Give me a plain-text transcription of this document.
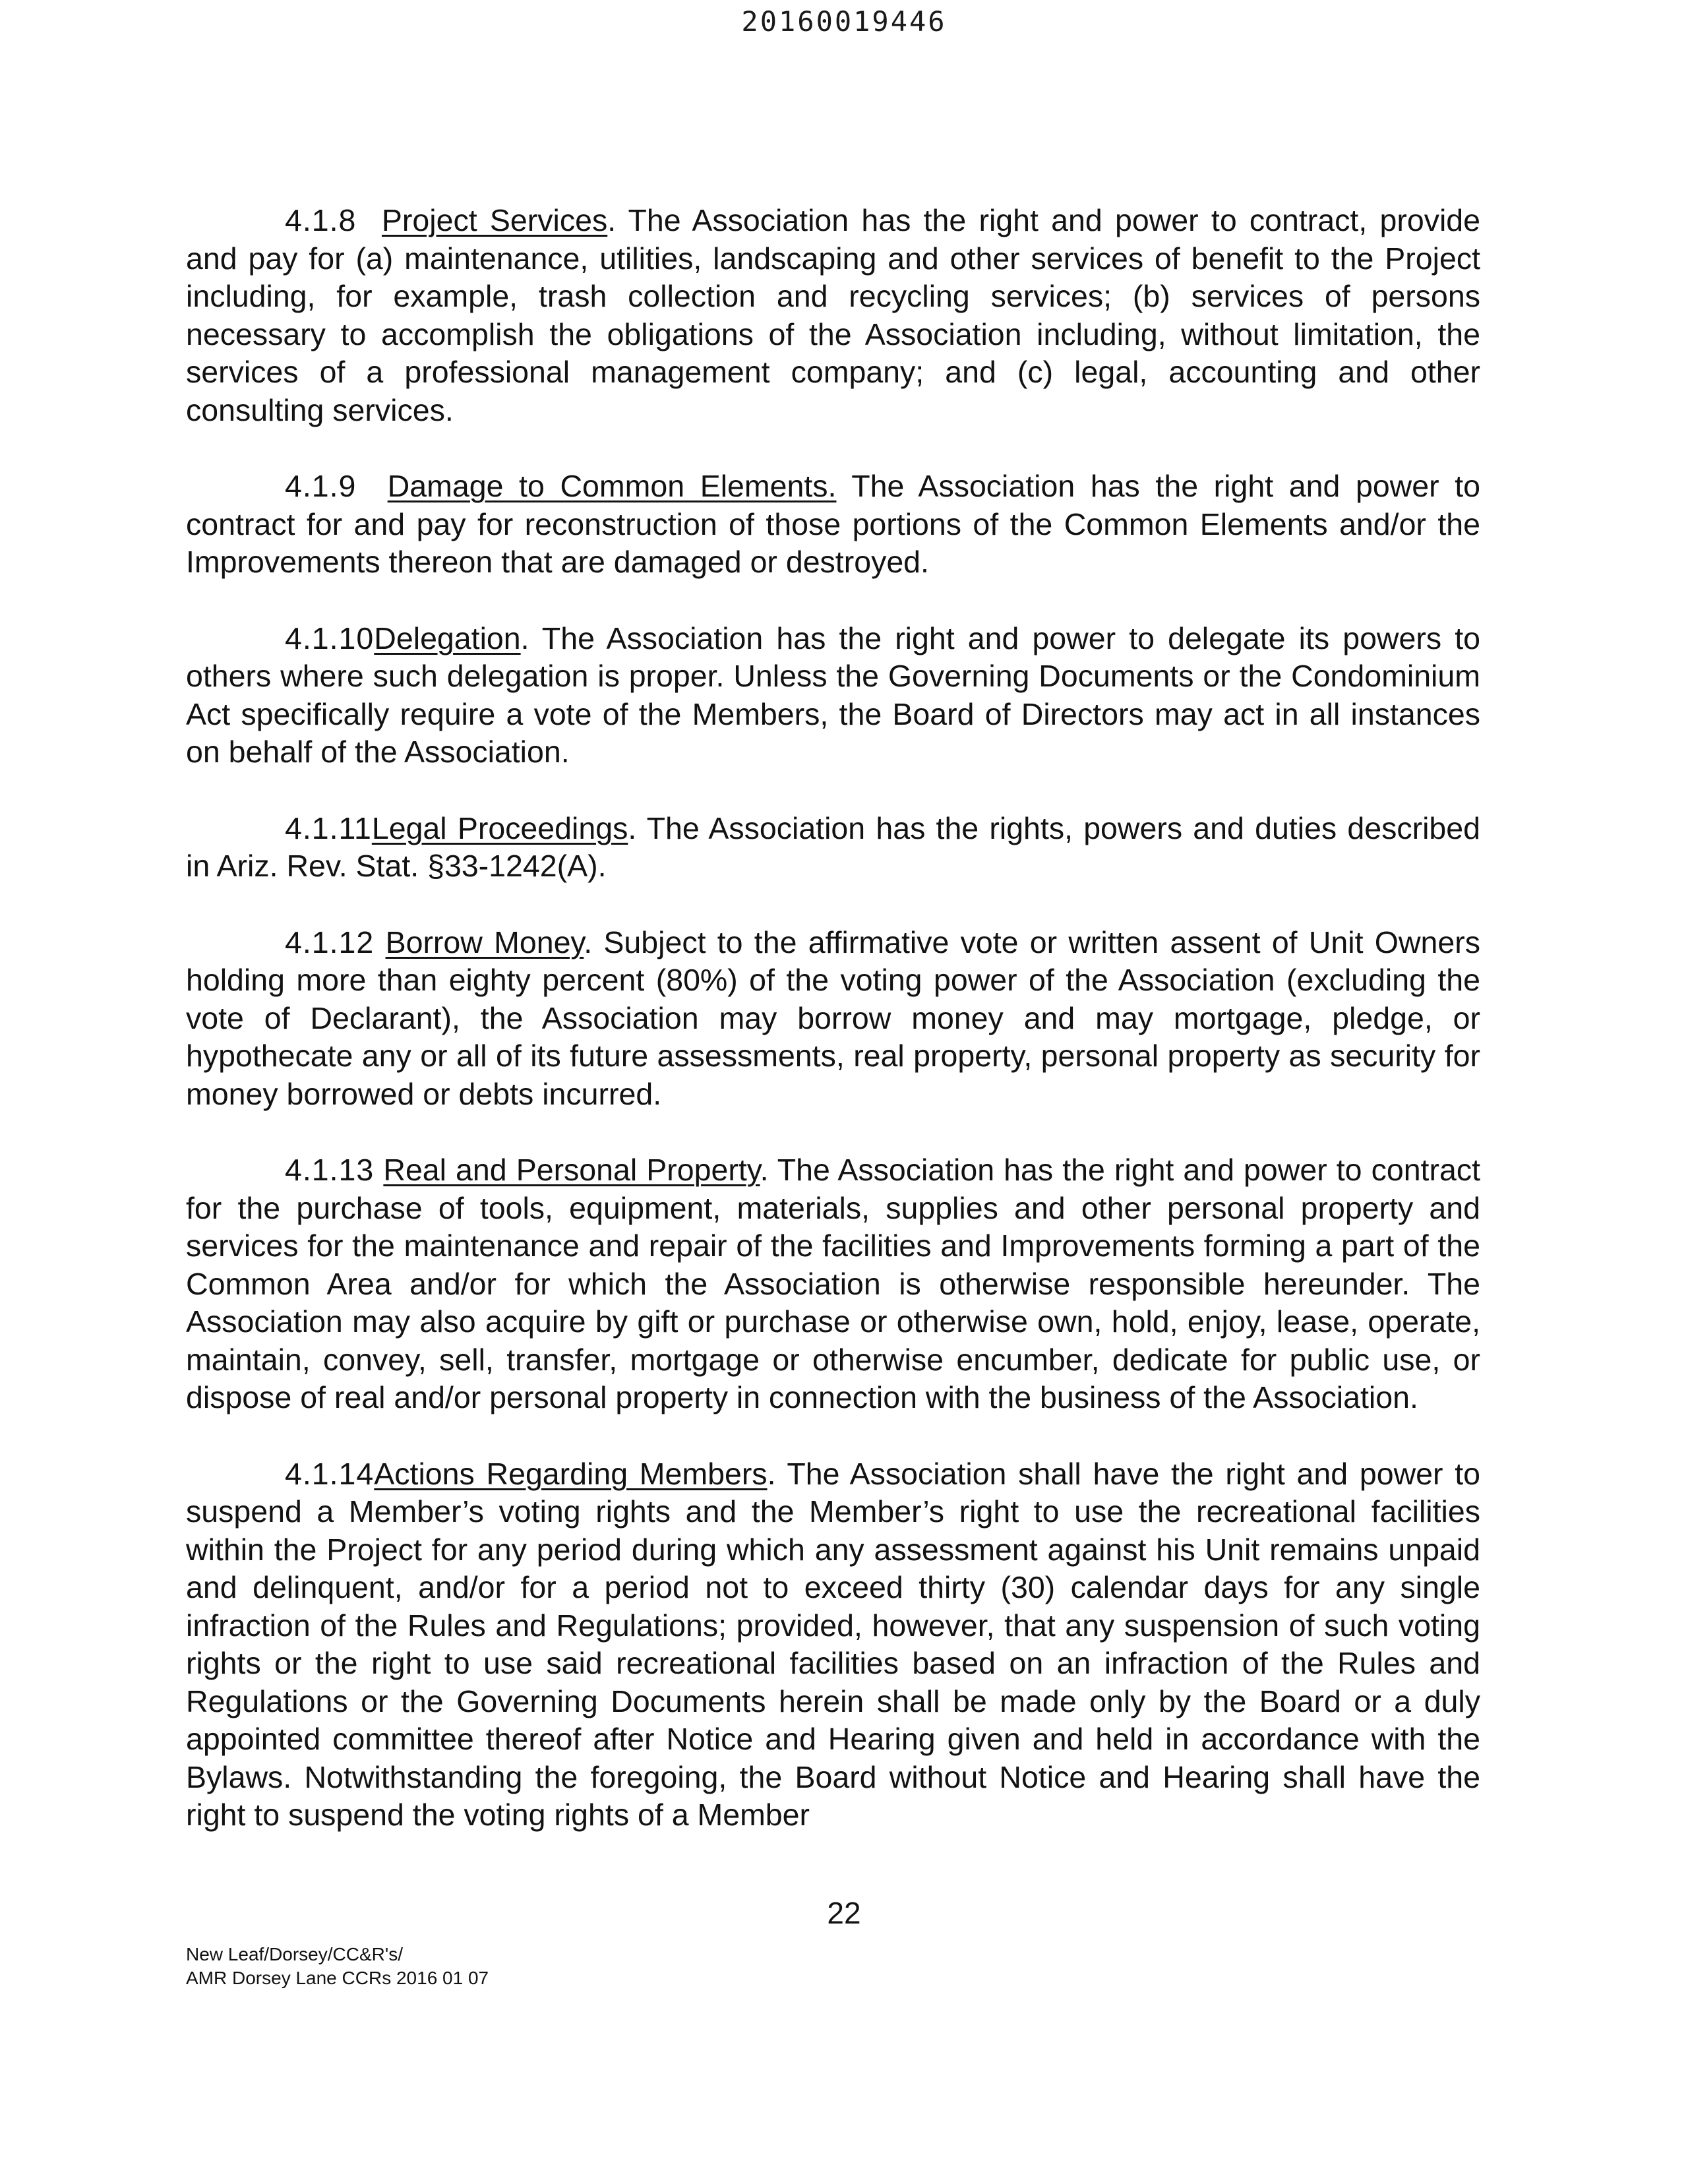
20160019446

4.1.8 Project Services. The Association has the right and power to contract, provide and pay for (a) maintenance, utilities, landscaping and other services of benefit to the Project including, for example, trash collection and recycling services; (b) services of persons necessary to accomplish the obligations of the Association including, without limitation, the services of a professional management company; and (c) legal, accounting and other consulting services.

4.1.9 Damage to Common Elements. The Association has the right and power to contract for and pay for reconstruction of those portions of the Common Elements and/or the Improvements thereon that are damaged or destroyed.

4.1.10Delegation. The Association has the right and power to delegate its powers to others where such delegation is proper. Unless the Governing Documents or the Condominium Act specifically require a vote of the Members, the Board of Directors may act in all instances on behalf of the Association.

4.1.11Legal Proceedings. The Association has the rights, powers and duties described in Ariz. Rev. Stat. §33-1242(A).

4.1.12 Borrow Money. Subject to the affirmative vote or written assent of Unit Owners holding more than eighty percent (80%) of the voting power of the Association (excluding the vote of Declarant), the Association may borrow money and may mortgage, pledge, or hypothecate any or all of its future assessments, real property, personal property as security for money borrowed or debts incurred.

4.1.13 Real and Personal Property. The Association has the right and power to contract for the purchase of tools, equipment, materials, supplies and other personal property and services for the maintenance and repair of the facilities and Improvements forming a part of the Common Area and/or for which the Association is otherwise responsible hereunder. The Association may also acquire by gift or purchase or otherwise own, hold, enjoy, lease, operate, maintain, convey, sell, transfer, mortgage or otherwise encumber, dedicate for public use, or dispose of real and/or personal property in connection with the business of the Association.

4.1.14Actions Regarding Members. The Association shall have the right and power to suspend a Member’s voting rights and the Member’s right to use the recreational facilities within the Project for any period during which any assessment against his Unit remains unpaid and delinquent, and/or for a period not to exceed thirty (30) calendar days for any single infraction of the Rules and Regulations; provided, however, that any suspension of such voting rights or the right to use said recreational facilities based on an infraction of the Rules and Regulations or the Governing Documents herein shall be made only by the Board or a duly appointed committee thereof after Notice and Hearing given and held in accordance with the Bylaws. Notwithstanding the foregoing, the Board without Notice and Hearing shall have the right to suspend the voting rights of a Member

22
New Leaf/Dorsey/CC&R's/
AMR Dorsey Lane CCRs 2016 01 07
